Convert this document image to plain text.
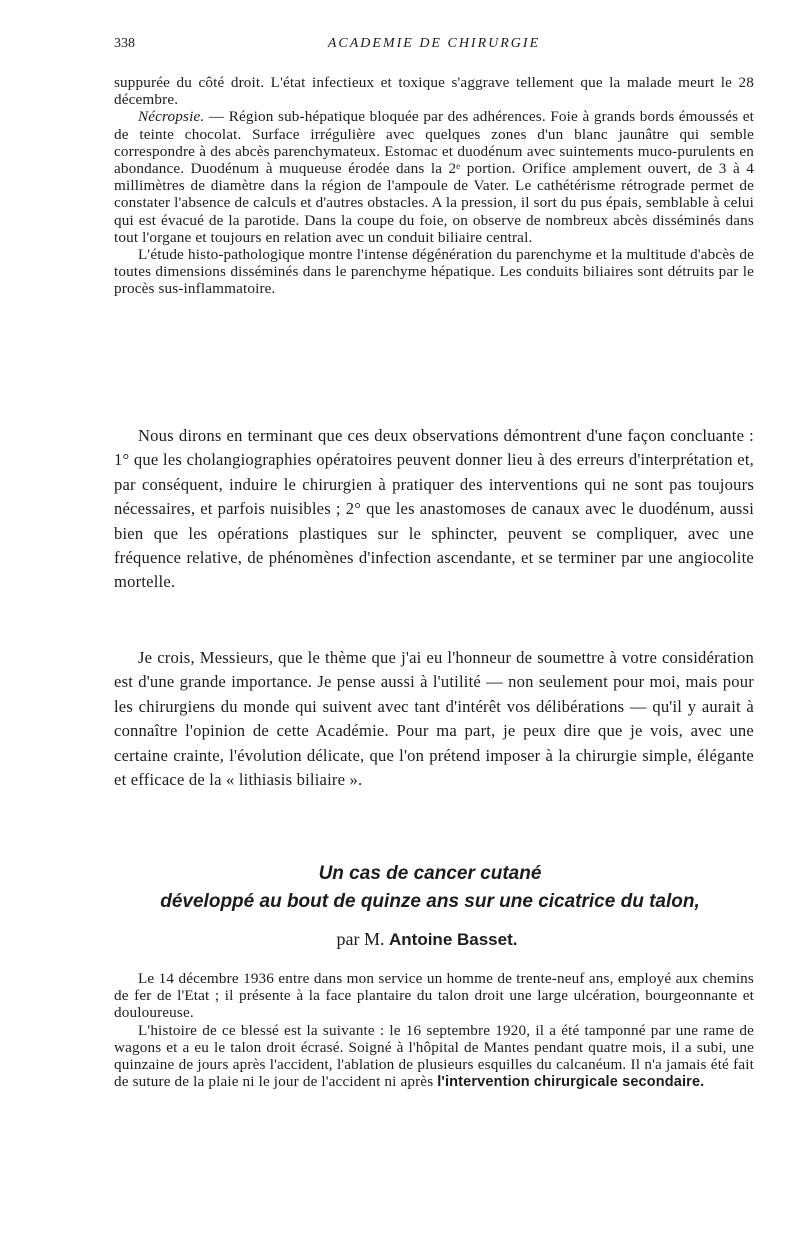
338	ACADEMIE DE CHIRURGIE

suppurée du côté droit. L'état infectieux et toxique s'aggrave tellement que la malade meurt le 28 décembre.

Nécropsie. — Région sub-hépatique bloquée par des adhérences. Foie à grands bords émoussés et de teinte chocolat. Surface irrégulière avec quelques zones d'un blanc jaunâtre qui semble correspondre à des abcès parenchymateux. Estomac et duodénum avec suintements muco-purulents en abondance. Duodénum à muqueuse érodée dans la 2ᵉ portion. Orifice amplement ouvert, de 3 à 4 millimètres de diamètre dans la région de l'ampoule de Vater. Le cathétérisme rétrograde permet de constater l'absence de calculs et d'autres obstacles. A la pression, il sort du pus épais, semblable à celui qui est évacué de la parotide. Dans la coupe du foie, on observe de nombreux abcès disséminés dans tout l'organe et toujours en relation avec un conduit biliaire central.

L'étude histo-pathologique montre l'intense dégénération du parenchyme et la multitude d'abcès de toutes dimensions disséminés dans le parenchyme hépatique. Les conduits biliaires sont détruits par le procès sus-inflammatoire.

Nous dirons en terminant que ces deux observations démontrent d'une façon concluante : 1° que les cholangiographies opératoires peuvent donner lieu à des erreurs d'interprétation et, par conséquent, induire le chirurgien à pratiquer des interventions qui ne sont pas toujours nécessaires, et parfois nuisibles ; 2° que les anastomoses de canaux avec le duodénum, aussi bien que les opérations plastiques sur le sphincter, peuvent se compliquer, avec une fréquence relative, de phénomènes d'infection ascendante, et se terminer par une angiocolite mortelle.

Je crois, Messieurs, que le thème que j'ai eu l'honneur de soumettre à votre considération est d'une grande importance. Je pense aussi à l'utilité — non seulement pour moi, mais pour les chirurgiens du monde qui suivent avec tant d'intérêt vos délibérations — qu'il y aurait à connaître l'opinion de cette Académie. Pour ma part, je peux dire que je vois, avec une certaine crainte, l'évolution délicate, que l'on prétend imposer à la chirurgie simple, élégante et efficace de la « lithiasis biliaire ».

Un cas de cancer cutané
développé au bout de quinze ans sur une cicatrice du talon,
par M. Antoine Basset.

Le 14 décembre 1936 entre dans mon service un homme de trente-neuf ans, employé aux chemins de fer de l'Etat ; il présente à la face plantaire du talon droit une large ulcération, bourgeonnante et douloureuse.

L'histoire de ce blessé est la suivante : le 16 septembre 1920, il a été tamponné par une rame de wagons et a eu le talon droit écrasé. Soigné à l'hôpital de Mantes pendant quatre mois, il a subi, une quinzaine de jours après l'accident, l'ablation de plusieurs esquilles du calcanéum. Il n'a jamais été fait de suture de la plaie ni le jour de l'accident ni après l'intervention chirurgicale secondaire.
